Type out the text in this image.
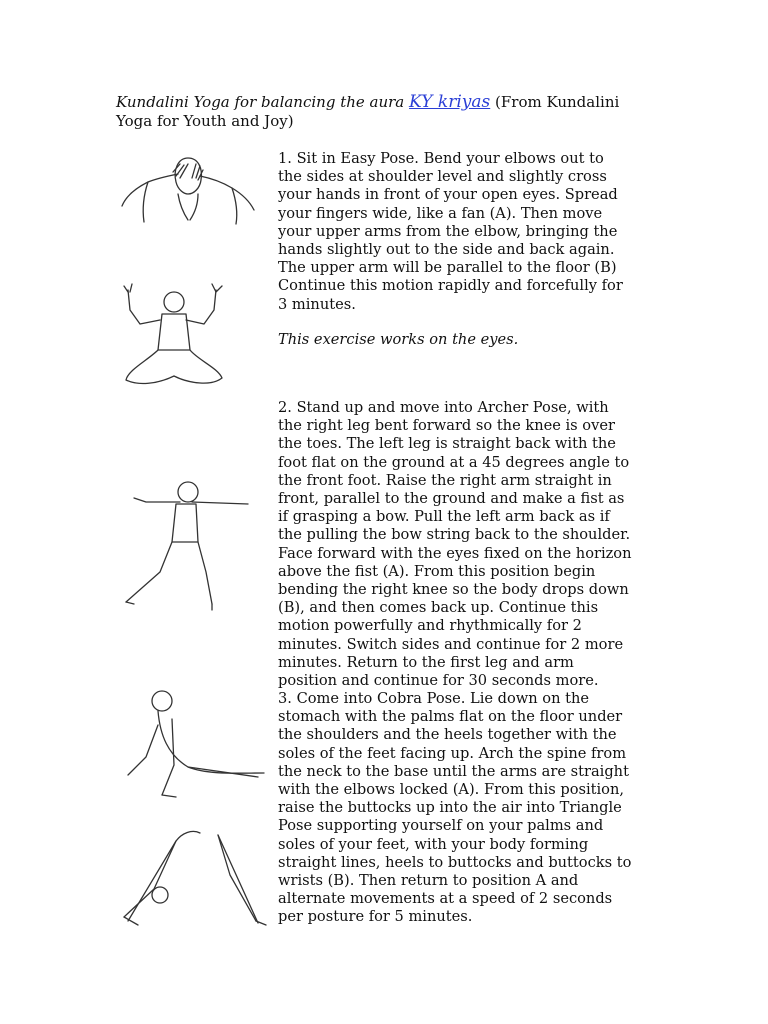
Kundalini Yoga for balancing the aura KY kriyas (From Kundalini Yoga for Youth and Joy)
1. Sit in Easy Pose. Bend your elbows out to
the sides at shoulder level and slightly cross
your hands in front of your open eyes. Spread
your fingers wide, like a fan (A). Then move
your upper arms from the elbow, bringing the
hands slightly out to the side and back again.
The upper arm will be parallel to the floor (B)
Continue this motion rapidly and forcefully for
3 minutes.
This exercise works on the eyes.
2. Stand up and move into Archer Pose, with
the right leg bent forward so the knee is over
the toes. The left leg is straight back with the
foot flat on the ground at a 45 degrees angle to
the front foot. Raise the right arm straight in
front, parallel to the ground and make a fist as
if grasping a bow. Pull the left arm back as if
the pulling the bow string back to the shoulder.
Face forward with the eyes fixed on the horizon
above the fist (A). From this position begin
bending the right knee so the body drops down
(B), and then comes back up. Continue this
motion powerfully and rhythmically for 2
minutes. Switch sides and continue for 2 more
minutes. Return to the first leg and arm
position and continue for 30 seconds more.
3. Come into Cobra Pose. Lie down on the
stomach with the palms flat on the floor under
the shoulders and the heels together with the
soles of the feet facing up. Arch the spine from
the neck to the base until the arms are straight
with the elbows locked (A). From this position,
raise the buttocks up into the air into Triangle
Pose supporting yourself on your palms and
soles of your feet, with your body forming
straight lines, heels to buttocks and buttocks to
wrists (B). Then return to position A and
alternate movements at a speed of 2 seconds
per posture for 5 minutes.
